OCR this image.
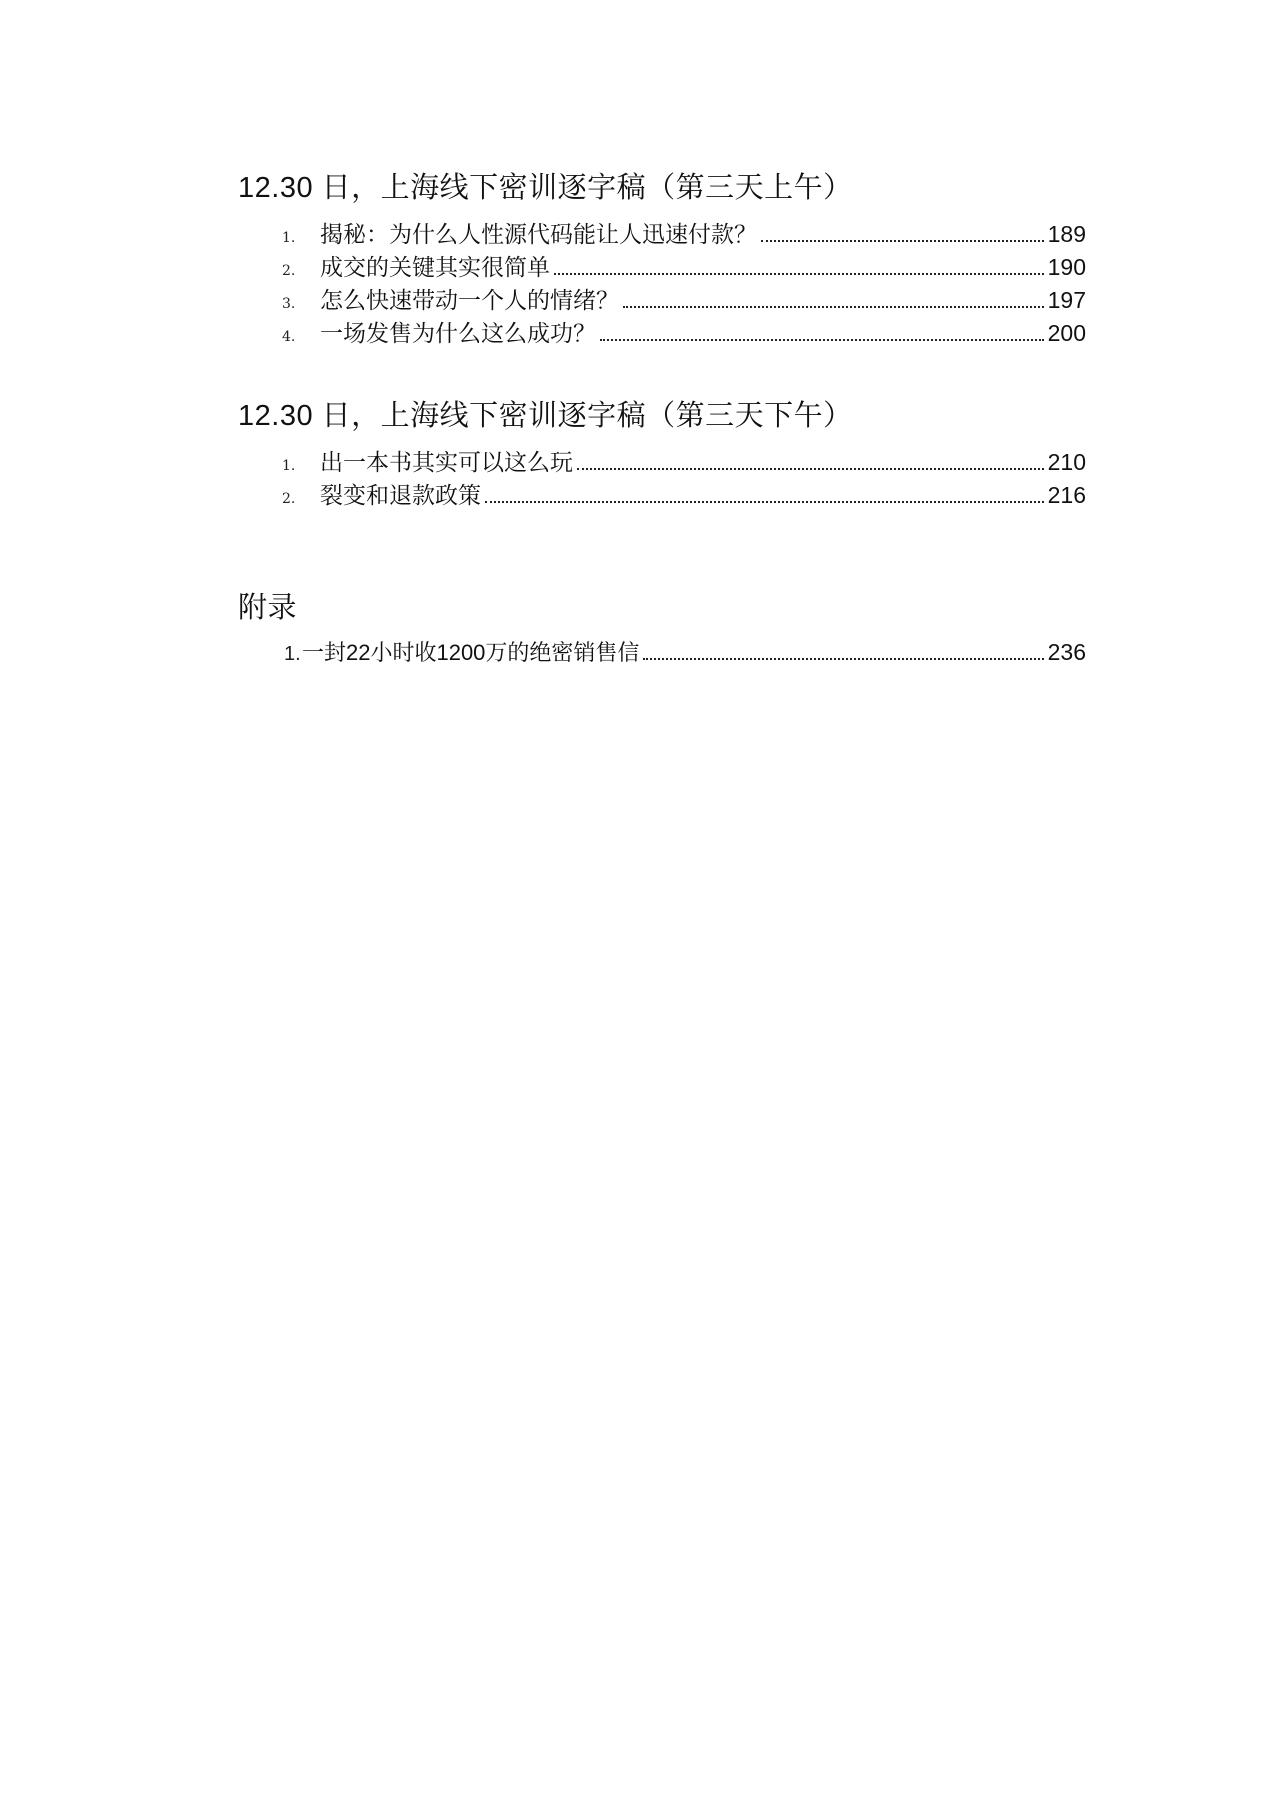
12.30 日，上海线下密训逐字稿（第三天上午）
1.	揭秘：为什么人性源代码能让人迅速付款？	189
2.	成交的关键其实很简单	190
3.	怎么快速带动一个人的情绪？	197
4.	一场发售为什么这么成功？	200
12.30 日，上海线下密训逐字稿（第三天下午）
1.	出一本书其实可以这么玩	210
2.	裂变和退款政策	216
附录
1. 一封22小时收1200万的绝密销售信	236
